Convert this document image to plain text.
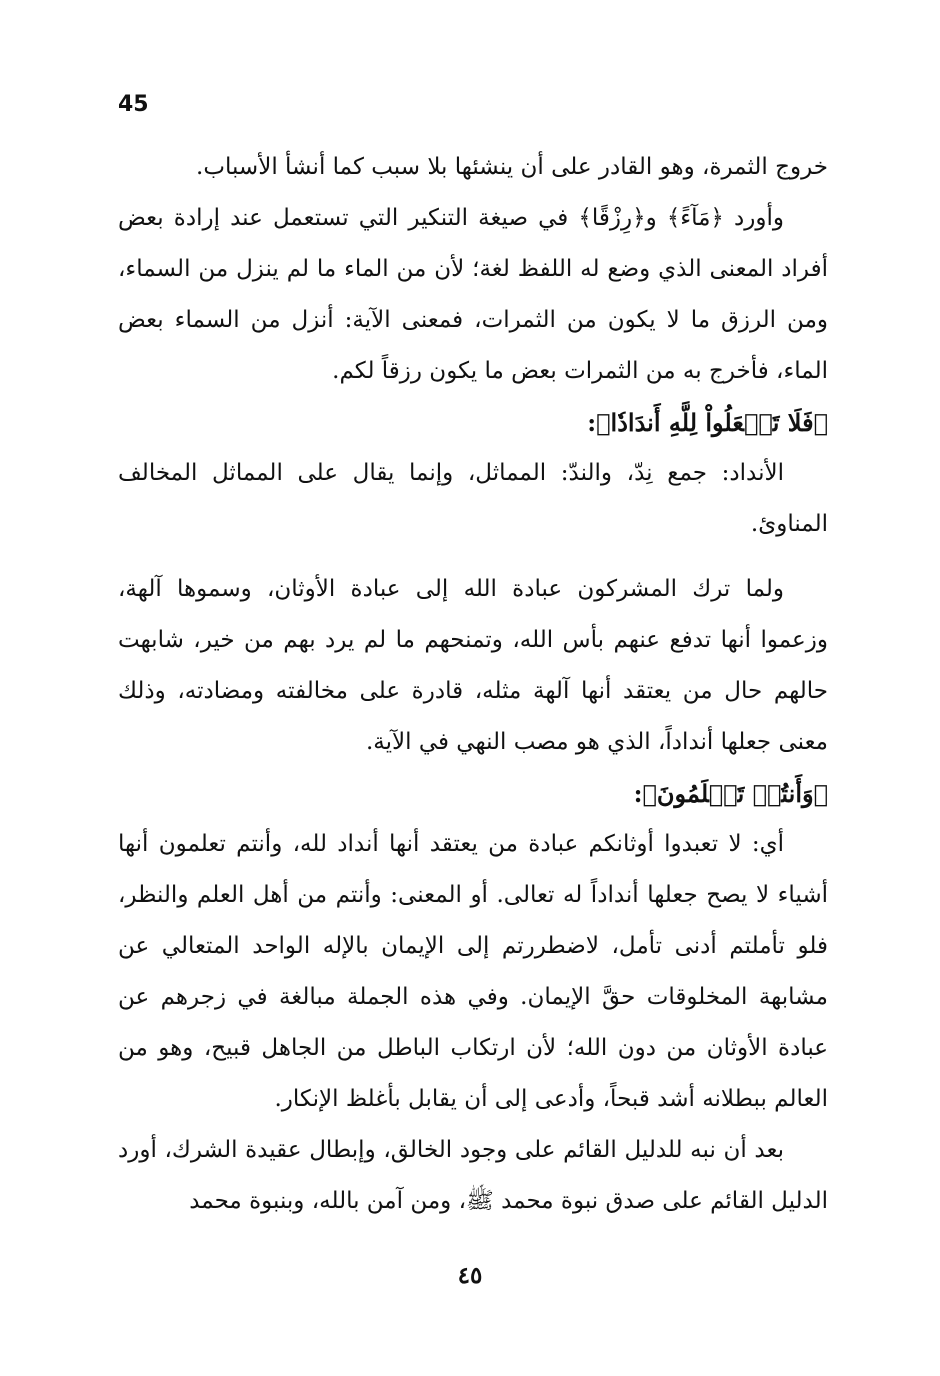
45

خروج الثمرة، وهو القادر على أن ينشئها بلا سبب كما أنشأ الأسباب.

وأورد ﴿مَآءً﴾ و﴿رِزْقًا﴾ في صيغة التنكير التي تستعمل عند إرادة بعض أفراد المعنى الذي وضع له اللفظ لغة؛ لأن من الماء ما لم ينزل من السماء، ومن الرزق ما لا يكون من الثمرات، فمعنى الآية: أنزل من السماء بعض الماء، فأخرج به من الثمرات بعض ما يكون رزقاً لكم.

﴿فَلَا تَجۡعَلُواْ لِلَّهِ أَندَادٗا﴾:

الأنداد: جمع نِدّ، والندّ: المماثل، وإنما يقال على المماثل المخالف المناوئ.

ولما ترك المشركون عبادة الله إلى عبادة الأوثان، وسموها آلهة، وزعموا أنها تدفع عنهم بأس الله، وتمنحهم ما لم يرد بهم من خير، شابهت حالهم حال من يعتقد أنها آلهة مثله، قادرة على مخالفته ومضادته، وذلك معنى جعلها أنداداً، الذي هو مصب النهي في الآية.

﴿وَأَنتُمۡ تَعۡلَمُونَ﴾:

أي: لا تعبدوا أوثانكم عبادة من يعتقد أنها أنداد لله، وأنتم تعلمون أنها أشياء لا يصح جعلها أنداداً له تعالى. أو المعنى: وأنتم من أهل العلم والنظر، فلو تأملتم أدنى تأمل، لاضطررتم إلى الإيمان بالإله الواحد المتعالي عن مشابهة المخلوقات حقَّ الإيمان. وفي هذه الجملة مبالغة في زجرهم عن عبادة الأوثان من دون الله؛ لأن ارتكاب الباطل من الجاهل قبيح، وهو من العالم ببطلانه أشد قبحاً، وأدعى إلى أن يقابل بأغلظ الإنكار.

بعد أن نبه للدليل القائم على وجود الخالق، وإبطال عقيدة الشرك، أورد الدليل القائم على صدق نبوة محمد ﷺ، ومن آمن بالله، وبنبوة محمد

٤٥
